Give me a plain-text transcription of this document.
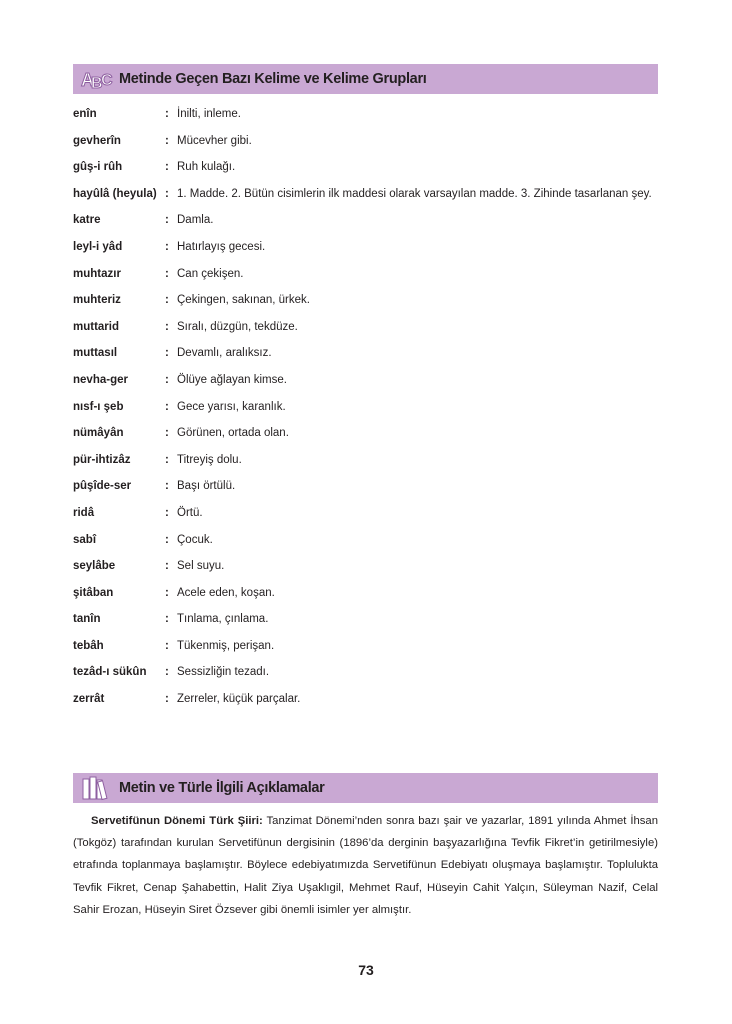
A
B
C Metinde Geçen Bazı Kelime ve Kelime Grupları
enîn	: İnilti, inleme.
gevherîn	: Mücevher gibi.
gûş-i rûh	: Ruh kulağı.
hayûlâ (heyula) : 1. Madde. 2. Bütün cisimlerin ilk maddesi olarak varsayılan madde. 3. Zihinde tasarlanan şey.
katre	: Damla.
leyl-i yâd	: Hatırlayış gecesi.
muhtazır	: Can çekişen.
muhteriz	: Çekingen, sakınan, ürkek.
muttarid	: Sıralı, düzgün, tekdüze.
muttasıl	: Devamlı, aralıksız.
nevha-ger	: Ölüye ağlayan kimse.
nısf-ı şeb	: Gece yarısı, karanlık.
nümâyân	: Görünen, ortada olan.
pür-ihtizâz	: Titreyiş dolu.
pûşîde-ser	: Başı örtülü.
ridâ	: Örtü.
sabî	: Çocuk.
seylâbe	: Sel suyu.
şitâban	: Acele eden, koşan.
tanîn	: Tınlama, çınlama.
tebâh	: Tükenmiş, perişan.
tezâd-ı sükûn	: Sessizliğin tezadı.
zerrât	: Zerreler, küçük parçalar.
Metin ve Türle İlgili Açıklamalar

Servetifünun Dönemi Türk Şiiri: Tanzimat Dönemi’nden sonra bazı şair ve yazarlar, 1891 yılında Ahmet İhsan (Tokgöz) tarafından kurulan Servetifünun dergisinin (1896’da derginin başyazarlığına Tevfik Fikret’in getirilmesiyle) etrafında toplanmaya başlamıştır. Böylece edebiyatımızda Servetifünun Edebiyatı oluşmaya başlamıştır. Toplulukta Tevfik Fikret, Cenap Şahabettin, Halit Ziya Uşaklıgil, Mehmet Rauf, Hüseyin Cahit Yalçın, Süleyman Nazif, Celal Sahir Erozan, Hüseyin Siret Özsever gibi önemli isimler yer almıştır.

73
